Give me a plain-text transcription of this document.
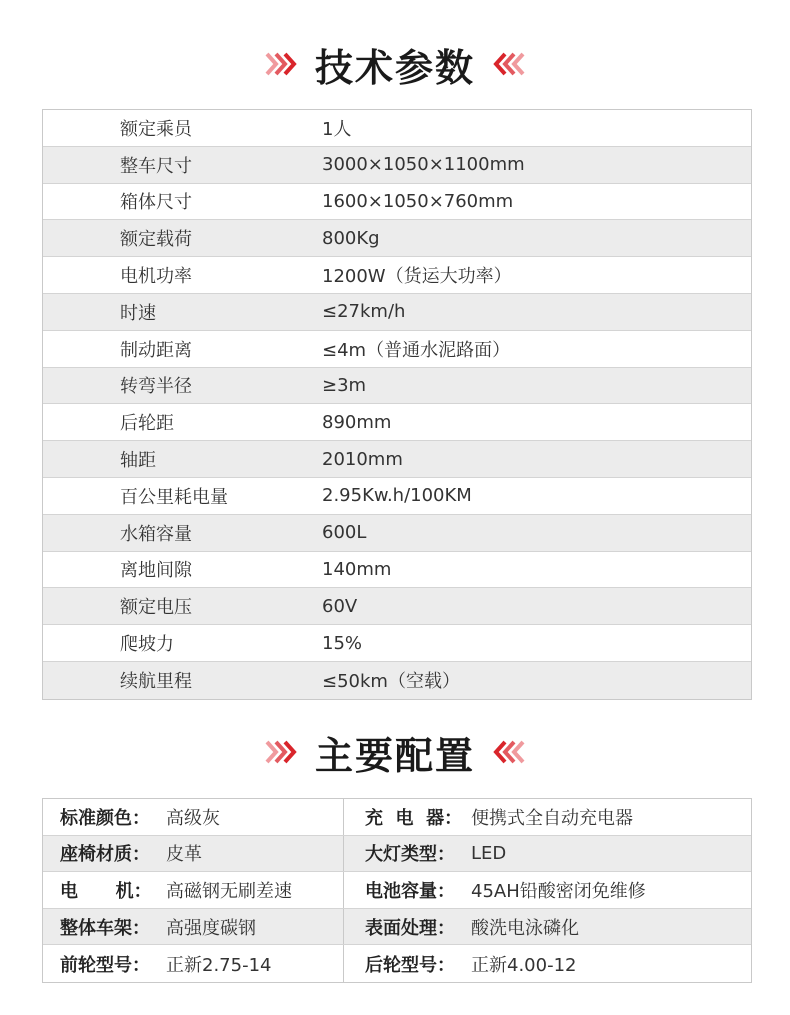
技术参数
额定乘员	1人
整车尺寸	3000×1050×1100mm
箱体尺寸	1600×1050×760mm
额定载荷	800Kg
电机功率	1200W（货运大功率）
时速	≤27km/h
制动距离	≤4m（普通水泥路面）
转弯半径	≥3m
后轮距	890mm
轴距	2010mm
百公里耗电量	2.95Kw.h/100KM
水箱容量	600L
离地间隙	140mm
额定电压	60V
爬坡力	15%
续航里程	≤50km（空载）
主要配置
标准颜色： 高级灰	充  电  器： 便携式全自动充电器
座椅材质： 皮革	大灯类型： LED
电      机： 高磁钢无刷差速	电池容量： 45AH铅酸密闭免维修
整体车架： 高强度碳钢	表面处理： 酸洗电泳磷化
前轮型号： 正新2.75-14	后轮型号： 正新4.00-12
